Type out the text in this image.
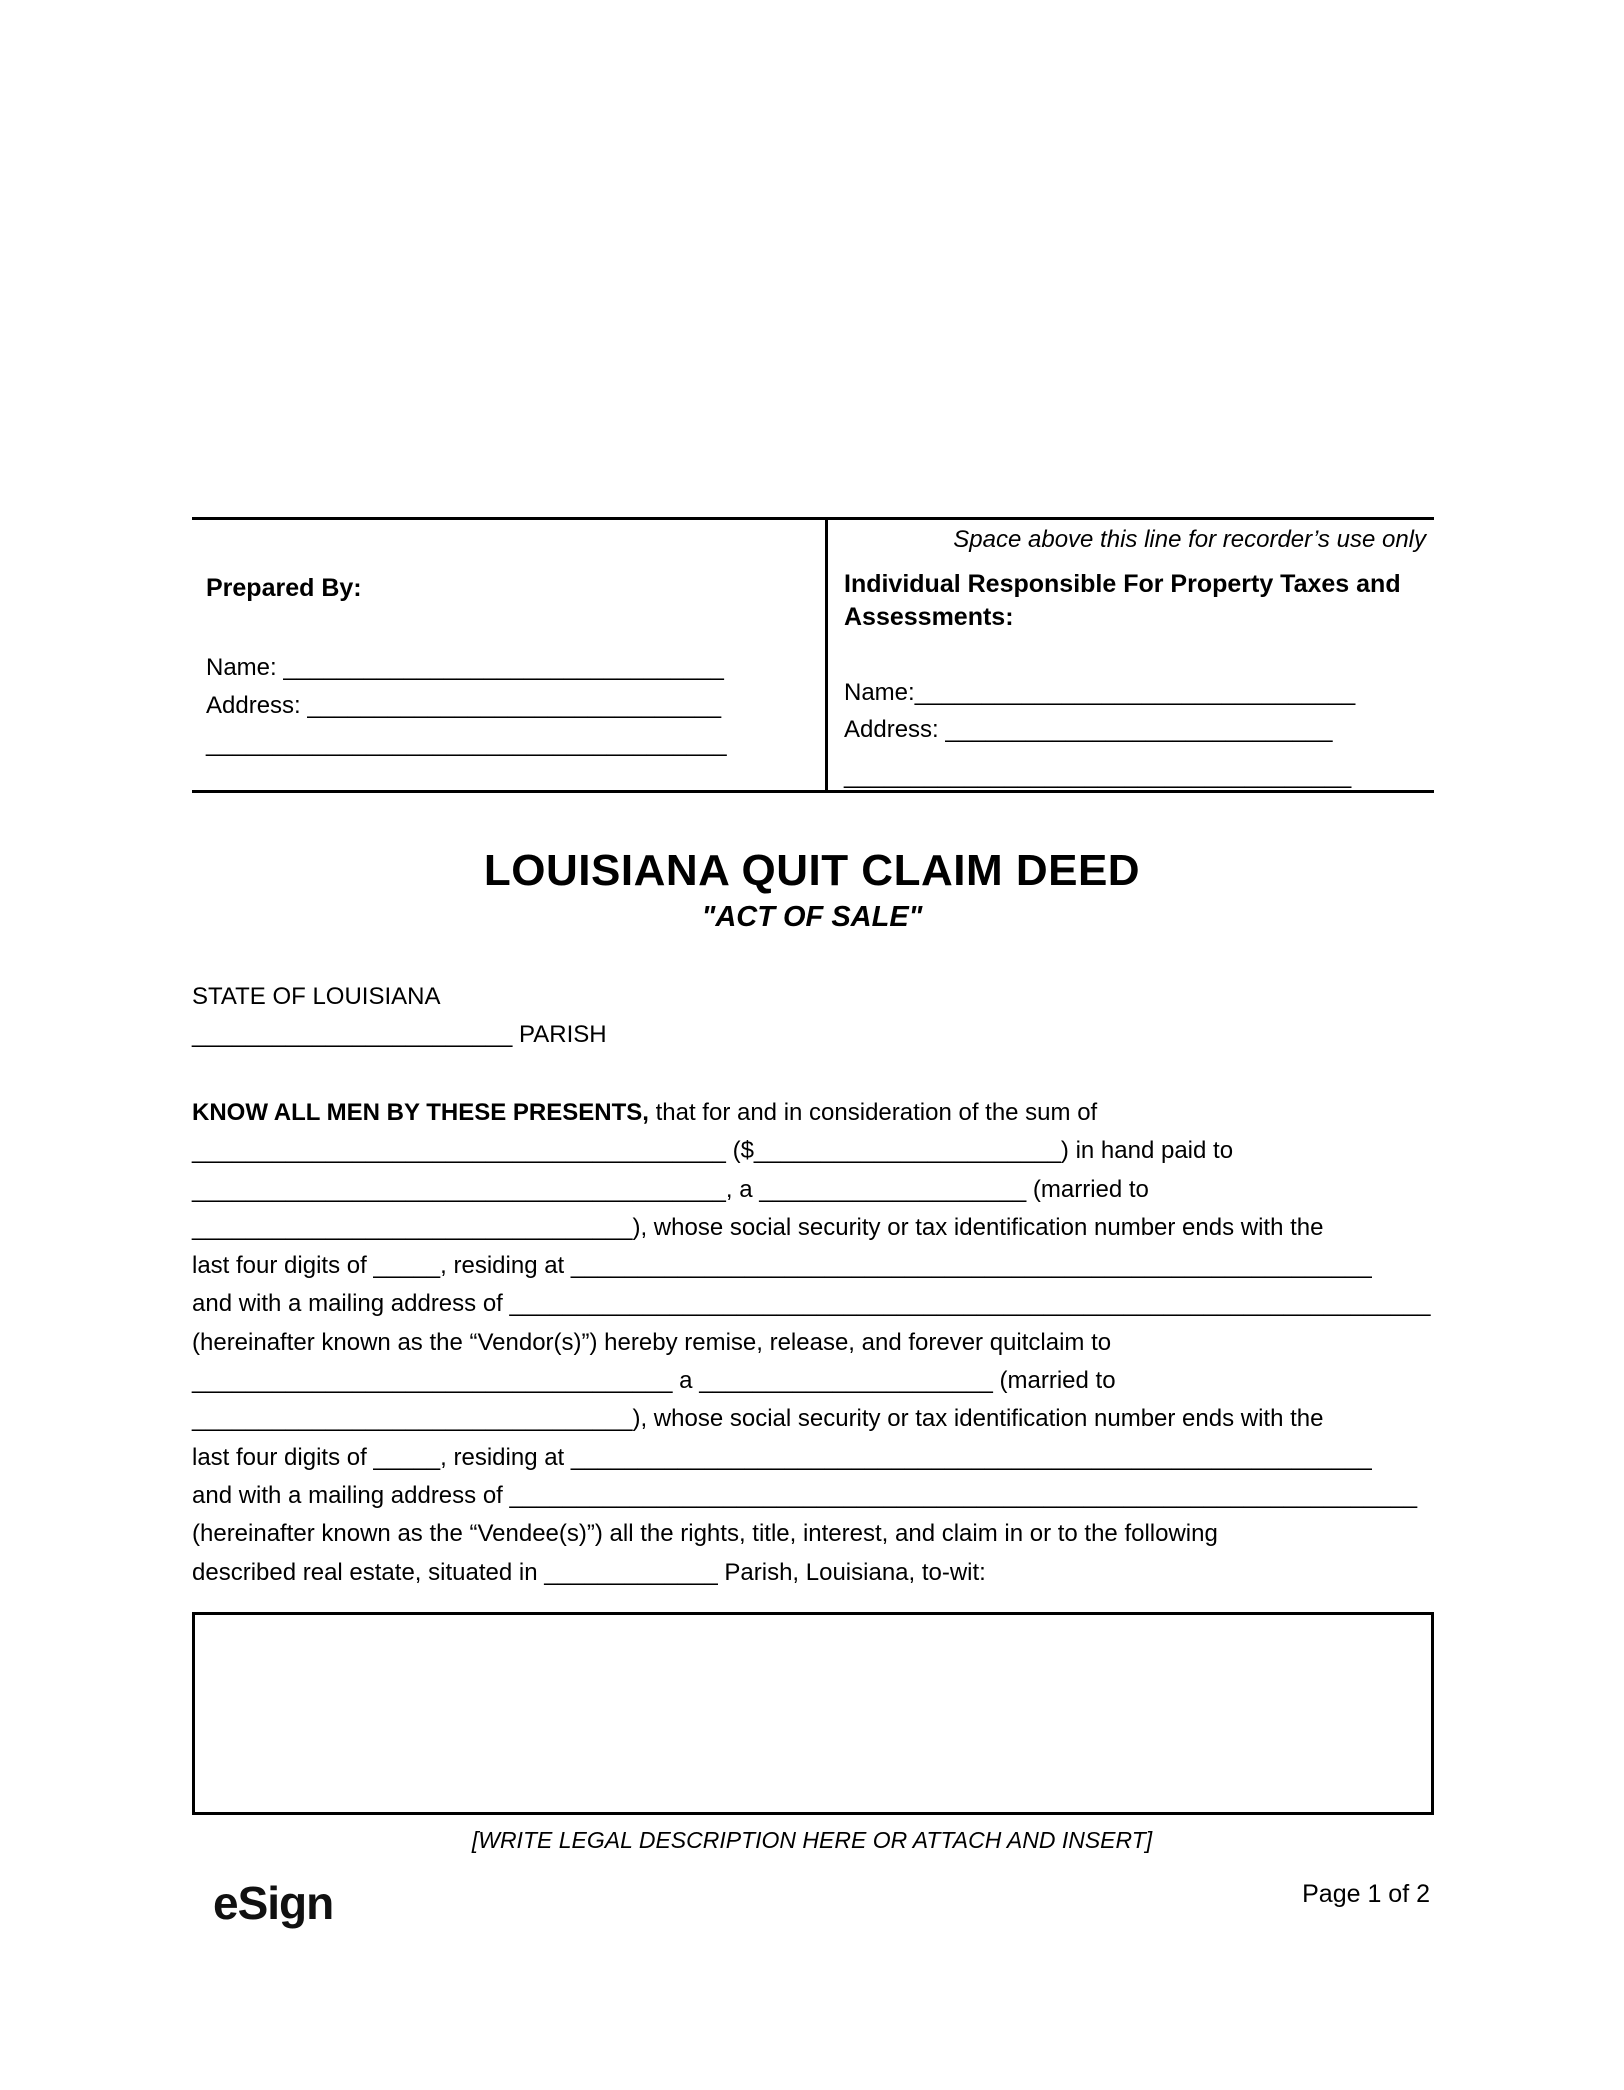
Prepared By:
Name: _________________________________
Address: _______________________________
_______________________________________
Space above this line for recorder’s use only
Individual Responsible For Property Taxes and Assessments:
Name:_________________________________
Address: _____________________________
______________________________________
LOUISIANA QUIT CLAIM DEED
"ACT OF SALE"
STATE OF LOUISIANA
________________________ PARISH
KNOW ALL MEN BY THESE PRESENTS, that for and in consideration of the sum of
________________________________________ ($_______________________) in hand paid to
________________________________________, a ____________________ (married to
_________________________________), whose social security or tax identification number ends with the
last four digits of _____, residing at ____________________________________________________________
and with a mailing address of _____________________________________________________________________
(hereinafter known as the “Vendor(s)”) hereby remise, release, and forever quitclaim to
____________________________________ a ______________________ (married to
_________________________________), whose social security or tax identification number ends with the
last four digits of _____, residing at ____________________________________________________________
and with a mailing address of ____________________________________________________________________
(hereinafter known as the “Vendee(s)”) all the rights, title, interest, and claim in or to the following
described real estate, situated in _____________ Parish, Louisiana, to-wit:
[WRITE LEGAL DESCRIPTION HERE OR ATTACH AND INSERT]
eSign	Page 1 of 2
